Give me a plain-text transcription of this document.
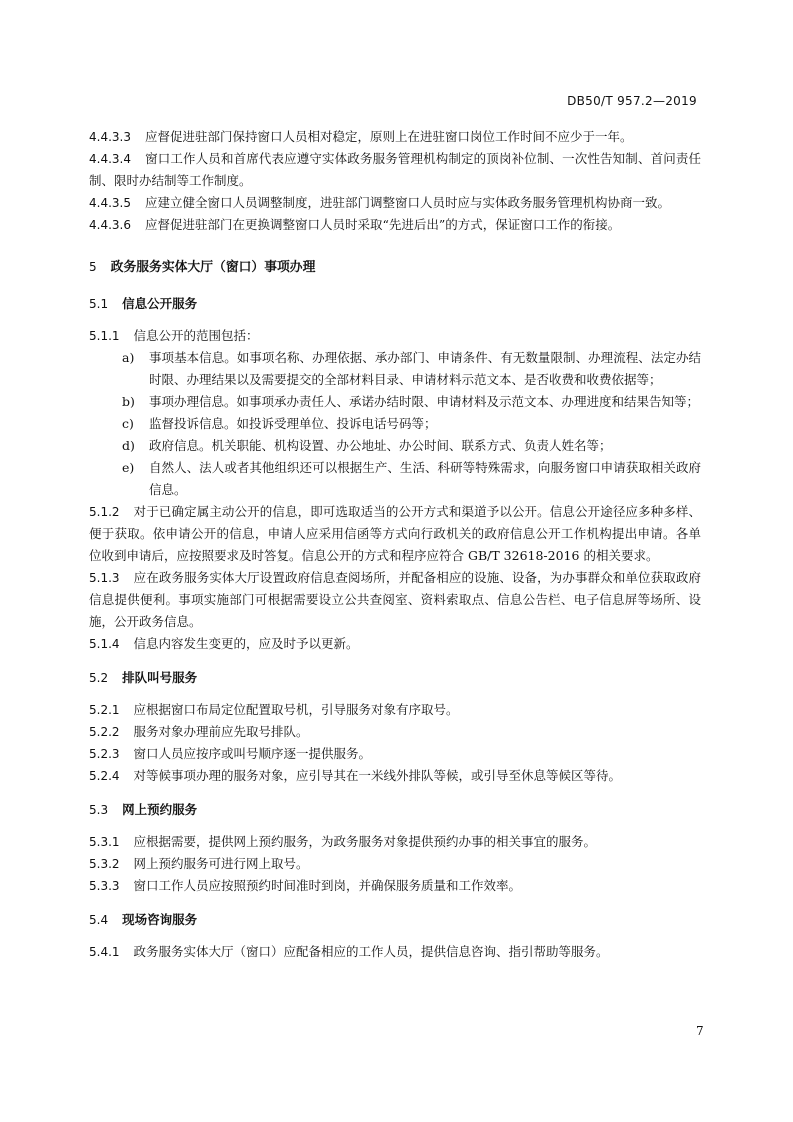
DB50/T 957.2—2019

4.4.3.3 应督促进驻部门保持窗口人员相对稳定，原则上在进驻窗口岗位工作时间不应少于一年。

4.4.3.4 窗口工作人员和首席代表应遵守实体政务服务管理机构制定的顶岗补位制、一次性告知制、首问责任制、限时办结制等工作制度。

4.4.3.5 应建立健全窗口人员调整制度，进驻部门调整窗口人员时应与实体政务服务管理机构协商一致。

4.4.3.6 应督促进驻部门在更换调整窗口人员时采取“先进后出”的方式，保证窗口工作的衔接。

5 政务服务实体大厅（窗口）事项办理
5.1 信息公开服务

5.1.1 信息公开的范围包括：

a) 事项基本信息。如事项名称、办理依据、承办部门、申请条件、有无数量限制、办理流程、法定办结时限、办理结果以及需要提交的全部材料目录、申请材料示范文本、是否收费和收费依据等；
b) 事项办理信息。如事项承办责任人、承诺办结时限、申请材料及示范文本、办理进度和结果告知等；
c) 监督投诉信息。如投诉受理单位、投诉电话号码等；
d) 政府信息。机关职能、机构设置、办公地址、办公时间、联系方式、负责人姓名等；
e) 自然人、法人或者其他组织还可以根据生产、生活、科研等特殊需求，向服务窗口申请获取相关政府信息。

5.1.2 对于已确定属主动公开的信息，即可选取适当的公开方式和渠道予以公开。信息公开途径应多种多样、便于获取。依申请公开的信息，申请人应采用信函等方式向行政机关的政府信息公开工作机构提出申请。各单位收到申请后，应按照要求及时答复。信息公开的方式和程序应符合 GB/T 32618-2016 的相关要求。

5.1.3 应在政务服务实体大厅设置政府信息查阅场所，并配备相应的设施、设备，为办事群众和单位获取政府信息提供便利。事项实施部门可根据需要设立公共查阅室、资料索取点、信息公告栏、电子信息屏等场所、设施，公开政务信息。

5.1.4 信息内容发生变更的，应及时予以更新。

5.2 排队叫号服务

5.2.1 应根据窗口布局定位配置取号机，引导服务对象有序取号。

5.2.2 服务对象办理前应先取号排队。

5.2.3 窗口人员应按序或叫号顺序逐一提供服务。

5.2.4 对等候事项办理的服务对象，应引导其在一米线外排队等候，或引导至休息等候区等待。

5.3 网上预约服务

5.3.1 应根据需要，提供网上预约服务，为政务服务对象提供预约办事的相关事宜的服务。

5.3.2 网上预约服务可进行网上取号。

5.3.3 窗口工作人员应按照预约时间准时到岗，并确保服务质量和工作效率。

5.4 现场咨询服务

5.4.1 政务服务实体大厅（窗口）应配备相应的工作人员，提供信息咨询、指引帮助等服务。

7
